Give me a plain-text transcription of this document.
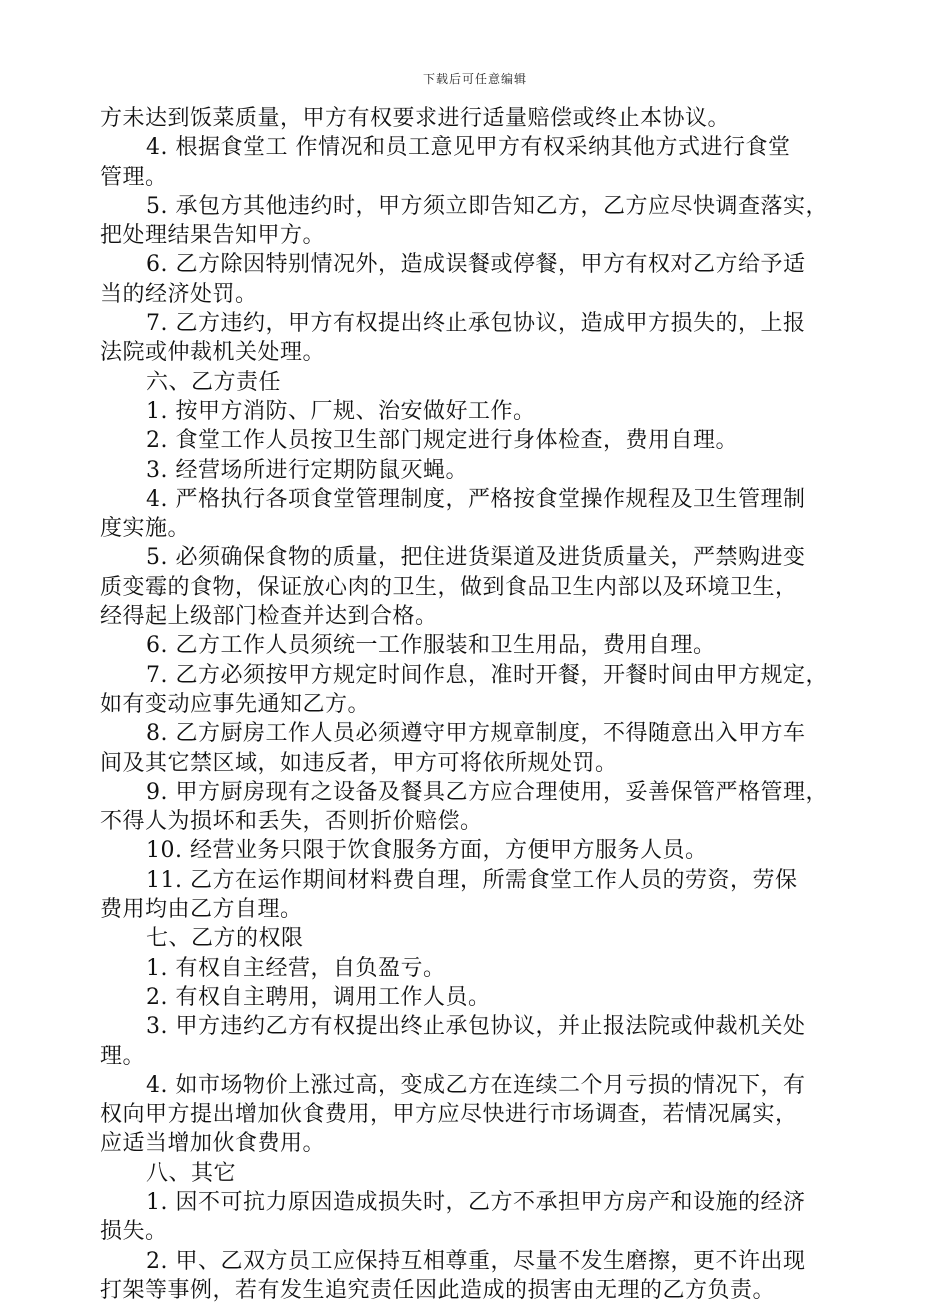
下载后可任意编辑
方未达到饭菜质量，甲方有权要求进行适量赔偿或终止本协议。
4. 根据食堂工 作情况和员工意见甲方有权采纳其他方式进行食堂
管理。
5. 承包方其他违约时，甲方须立即告知乙方，乙方应尽快调查落实，
把处理结果告知甲方。
6. 乙方除因特别情况外，造成误餐或停餐，甲方有权对乙方给予适
当的经济处罚。
7. 乙方违约，甲方有权提出终止承包协议，造成甲方损失的，上报
法院或仲裁机关处理。
六、乙方责任
1. 按甲方消防、厂规、治安做好工作。
2. 食堂工作人员按卫生部门规定进行身体检查，费用自理。
3. 经营场所进行定期防鼠灭蝇。
4. 严格执行各项食堂管理制度，严格按食堂操作规程及卫生管理制
度实施。
5. 必须确保食物的质量，把住进货渠道及进货质量关，严禁购进变
质变霉的食物，保证放心肉的卫生，做到食品卫生内部以及环境卫生，
经得起上级部门检查并达到合格。
6. 乙方工作人员须统一工作服装和卫生用品，费用自理。
7. 乙方必须按甲方规定时间作息，准时开餐，开餐时间由甲方规定，
如有变动应事先通知乙方。
8. 乙方厨房工作人员必须遵守甲方规章制度，不得随意出入甲方车
间及其它禁区域，如违反者，甲方可将依所规处罚。
9. 甲方厨房现有之设备及餐具乙方应合理使用，妥善保管严格管理，
不得人为损坏和丢失，否则折价赔偿。
10. 经营业务只限于饮食服务方面，方便甲方服务人员。
11. 乙方在运作期间材料费自理，所需食堂工作人员的劳资，劳保
费用均由乙方自理。
七、乙方的权限
1. 有权自主经营，自负盈亏。
2. 有权自主聘用，调用工作人员。
3. 甲方违约乙方有权提出终止承包协议，并止报法院或仲裁机关处
理。
4. 如市场物价上涨过高，变成乙方在连续二个月亏损的情况下，有
权向甲方提出增加伙食费用，甲方应尽快进行市场调查，若情况属实，
应适当增加伙食费用。
八、其它
1. 因不可抗力原因造成损失时，乙方不承担甲方房产和设施的经济
损失。
2. 甲、乙双方员工应保持互相尊重，尽量不发生磨擦，更不许出现
打架等事例，若有发生追究责任因此造成的损害由无理的乙方负责。
